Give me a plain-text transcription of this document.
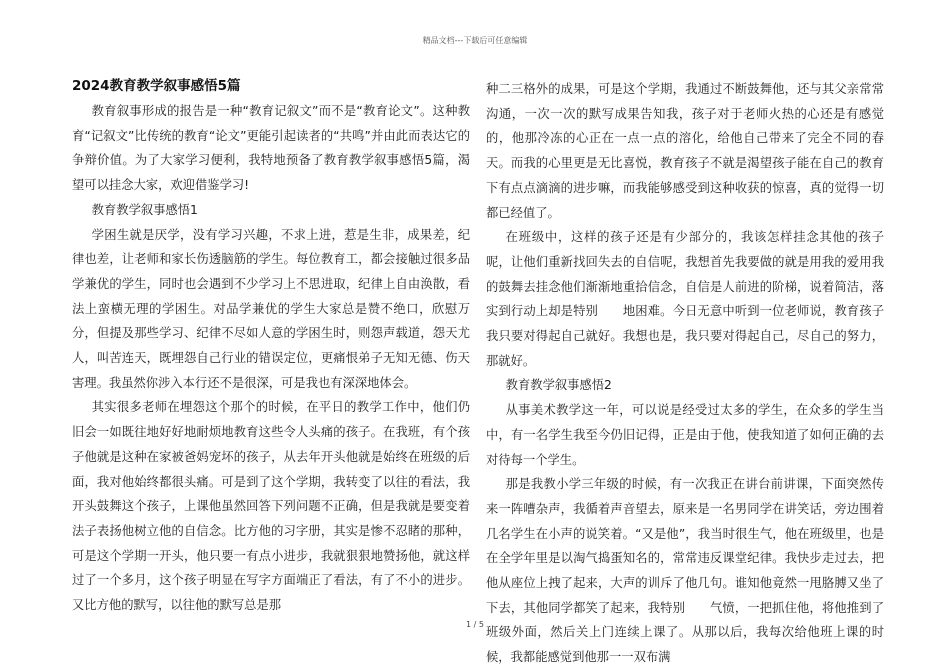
精品文档---下载后可任意编辑

2024教育教学叙事感悟5篇

教育叙事形成的报告是一种“教育记叙文”而不是“教育论文”。这种教育“记叙文”比传统的教育“论文”更能引起读者的“共鸣”并由此而表达它的争辩价值。为了大家学习便利，我特地预备了教育教学叙事感悟5篇，渴望可以挂念大家，欢迎借鉴学习!

教育教学叙事感悟1

学困生就是厌学，没有学习兴趣，不求上进，惹是生非，成果差，纪律也差，让老师和家长伤透脑筋的学生。每位教育工，都会接触过很多品学兼优的学生，同时也会遇到不少学习上不思进取，纪律上自由涣散，看法上蛮横无理的学困生。对品学兼优的学生大家总是赞不绝口，欣慰万分，但提及那些学习、纪律不尽如人意的学困生时，则怨声载道，怨天尤人，叫苦连天，既埋怨自己行业的错误定位，更痛恨弟子无知无德、伤天害理。我虽然你涉入本行还不是很深，可是我也有深深地体会。

其实很多老师在埋怨这个那个的时候，在平日的教学工作中，他们仍旧会一如既往地好好地耐烦地教育这些令人头痛的孩子。在我班，有个孩子他就是这种在家被爸妈宠坏的孩子，从去年开头他就是始终在班级的后面，我对他始终都很头痛。可是到了这个学期，我转变了以往的看法，我开头鼓舞这个孩子，上课他虽然回答下列问题不正确，但是我就是要变着法子表扬他树立他的自信念。比方他的习字册，其实是惨不忍睹的那种，可是这个学期一开头，他只要一有点小进步，我就狠狠地赞扬他，就这样过了一个多月，这个孩子明显在写字方面端正了看法，有了不小的进步。又比方他的默写，以往他的默写总是那

种二三格外的成果，可是这个学期，我通过不断鼓舞他，还与其父亲常常沟通，一次一次的默写成果告知我，孩子对于老师火热的心还是有感觉的，他那冷冻的心正在一点一点的溶化，给他自己带来了完全不同的春天。而我的心里更是无比喜悦，教育孩子不就是渴望孩子能在自己的教育下有点点滴滴的进步嘛，而我能够感受到这种收获的惊喜，真的觉得一切都已经值了。

在班级中，这样的孩子还是有少部分的，我该怎样挂念其他的孩子呢，让他们重新找回失去的自信呢，我想首先我要做的就是用我的爱用我的鼓舞去挂念他们渐渐地重拾信念，自信是人前进的阶梯，说着简洁，落实到行动上却是特别　　地困难。今日无意中听到一位老师说，教育孩子我只要对得起自己就好。我想也是，我只要对得起自己，尽自己的努力，那就好。

教育教学叙事感悟2

从事美术教学这一年，可以说是经受过太多的学生，在众多的学生当中，有一名学生我至今仍旧记得，正是由于他，使我知道了如何正确的去对待每一个学生。

那是我教小学三年级的时候，有一次我正在讲台前讲课，下面突然传来一阵嘈杂声，我循着声音望去，原来是一名男同学在讲笑话，旁边围着几名学生在小声的说笑着。“又是他”，我当时很生气，他在班级里，也是在全学年里是以淘气捣蛋知名的，常常违反课堂纪律。我快步走过去，把他从座位上拽了起来，大声的训斥了他几句。谁知他竟然一甩胳膊又坐了下去，其他同学都笑了起来，我特别　　气愤，一把抓住他，将他推到了班级外面，然后关上门连续上课了。从那以后，我每次给他班上课的时候，我都能感觉到他那一一双布满

1 / 5
